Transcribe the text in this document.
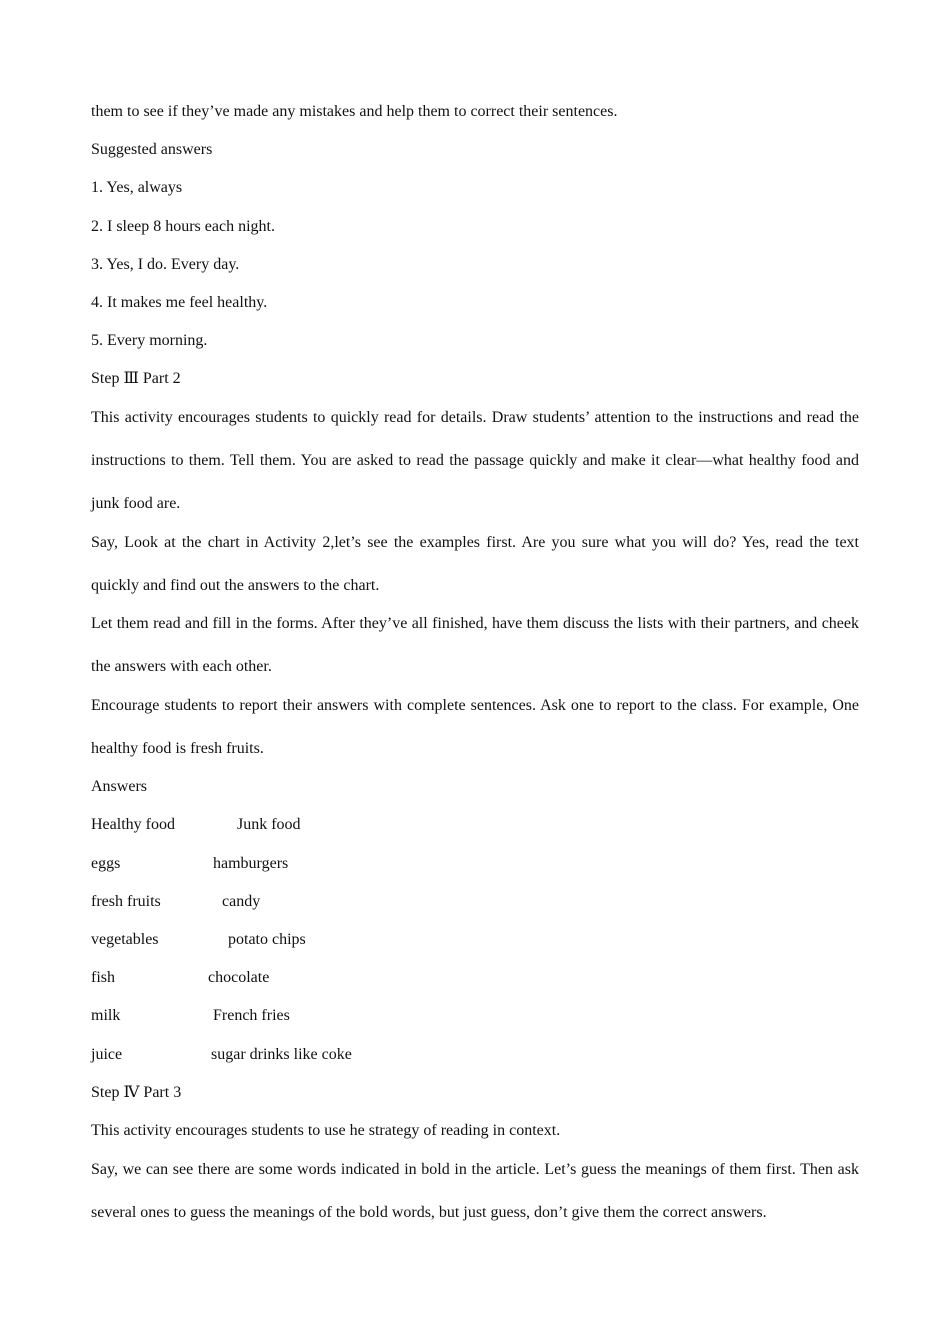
them to see if they’ve made any mistakes and help them to correct their sentences.
Suggested answers
1. Yes, always
2. I sleep 8 hours each night.
3. Yes, I do. Every day.
4. It makes me feel healthy.
5. Every morning.
Step Ⅲ Part 2
This activity encourages students to quickly read for details. Draw students’ attention to the instructions and read the instructions to them. Tell them. You are asked to read the passage quickly and make it clear—what healthy food and junk food are.
Say, Look at the chart in Activity 2,let’s see the examples first. Are you sure what you will do? Yes, read the text quickly and find out the answers to the chart.
Let them read and fill in the forms. After they’ve all finished, have them discuss the lists with their partners, and cheek the answers with each other.
Encourage students to report their answers with complete sentences. Ask one to report to the class. For example, One healthy food is fresh fruits.
Answers
Healthy food	Junk food
eggs	hamburgers
fresh fruits	candy
vegetables	potato chips
fish	chocolate
milk	French fries
juice	sugar drinks like coke
Step Ⅳ Part 3
This activity encourages students to use he strategy of reading in context.
Say, we can see there are some words indicated in bold in the article. Let’s guess the meanings of them first. Then ask several ones to guess the meanings of the bold words, but just guess, don’t give them the correct answers.
